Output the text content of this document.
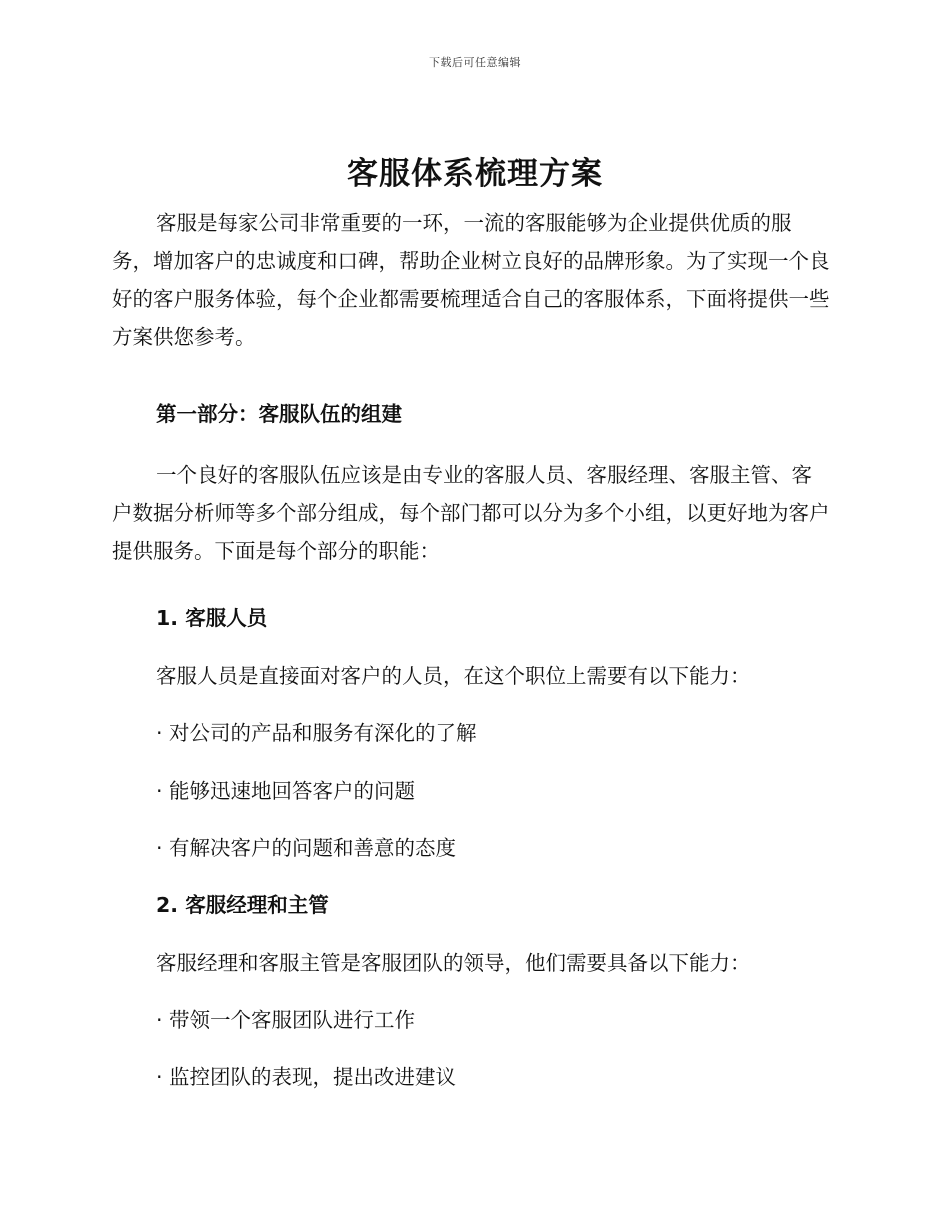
下载后可任意编辑
客服体系梳理方案
客服是每家公司非常重要的一环，一流的客服能够为企业提供优质的服务，增加客户的忠诚度和口碑，帮助企业树立良好的品牌形象。为了实现一个良好的客户服务体验，每个企业都需要梳理适合自己的客服体系，下面将提供一些方案供您参考。
第一部分：客服队伍的组建
一个良好的客服队伍应该是由专业的客服人员、客服经理、客服主管、客户数据分析师等多个部分组成，每个部门都可以分为多个小组，以更好地为客户提供服务。下面是每个部分的职能：
1. 客服人员
客服人员是直接面对客户的人员，在这个职位上需要有以下能力：
· 对公司的产品和服务有深化的了解
· 能够迅速地回答客户的问题
· 有解决客户的问题和善意的态度
2. 客服经理和主管
客服经理和客服主管是客服团队的领导，他们需要具备以下能力：
· 带领一个客服团队进行工作
· 监控团队的表现，提出改进建议
